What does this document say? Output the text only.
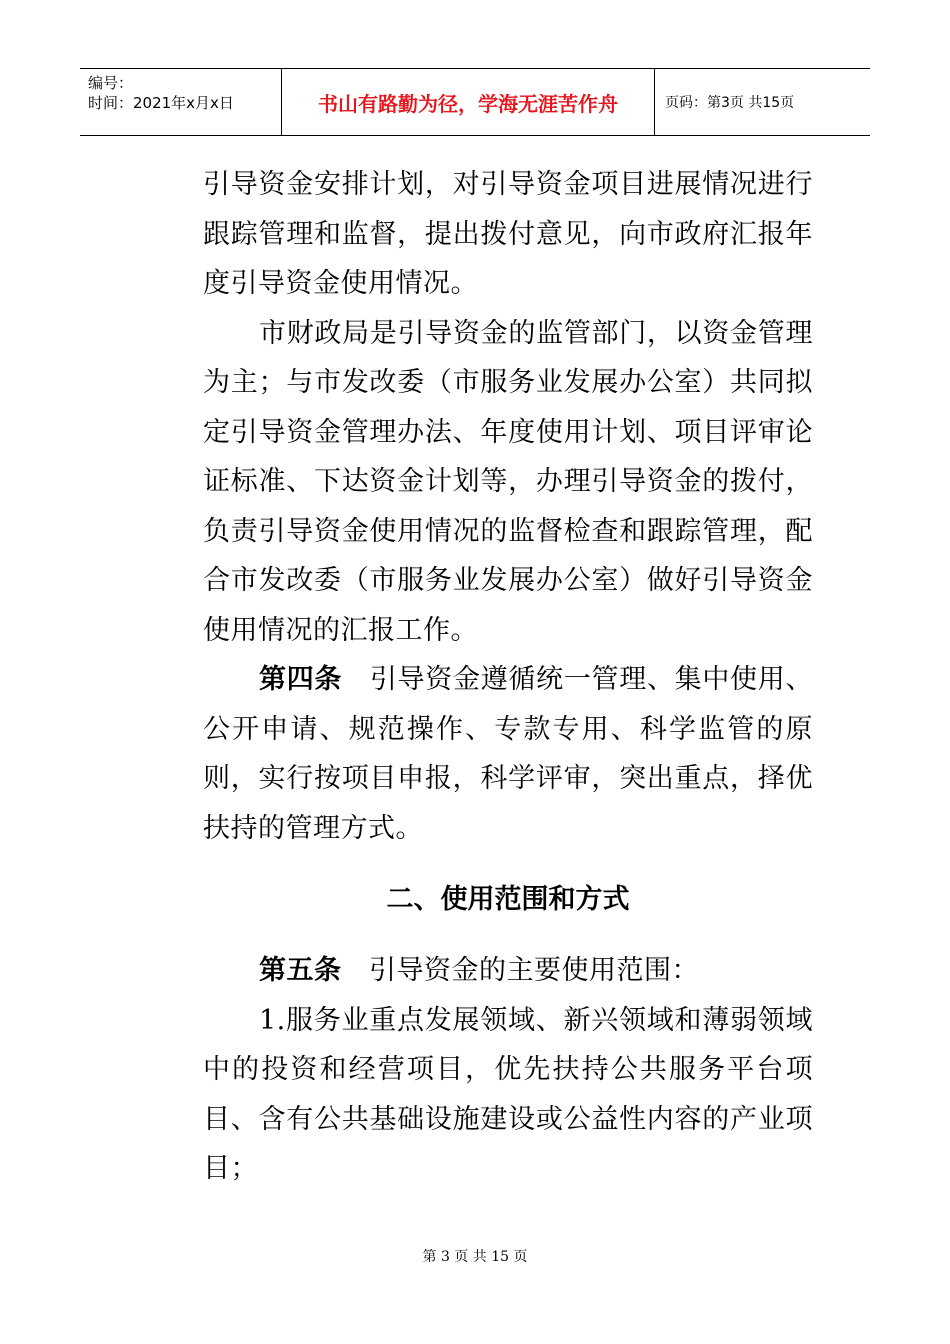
编号：
时间：2021年x月x日	书山有路勤为径，学海无涯苦作舟	页码：第3页 共15页

引导资金安排计划，对引导资金项目进展情况进行跟踪管理和监督，提出拨付意见，向市政府汇报年度引导资金使用情况。

市财政局是引导资金的监管部门，以资金管理为主；与市发改委（市服务业发展办公室）共同拟定引导资金管理办法、年度使用计划、项目评审论证标准、下达资金计划等，办理引导资金的拨付，负责引导资金使用情况的监督检查和跟踪管理，配合市发改委（市服务业发展办公室）做好引导资金使用情况的汇报工作。

第四条　引导资金遵循统一管理、集中使用、公开申请、规范操作、专款专用、科学监管的原则，实行按项目申报，科学评审，突出重点，择优扶持的管理方式。

二、使用范围和方式

第五条　引导资金的主要使用范围：

1.服务业重点发展领域、新兴领域和薄弱领域中的投资和经营项目，优先扶持公共服务平台项目、含有公共基础设施建设或公益性内容的产业项目；

第 3 页 共 15 页
